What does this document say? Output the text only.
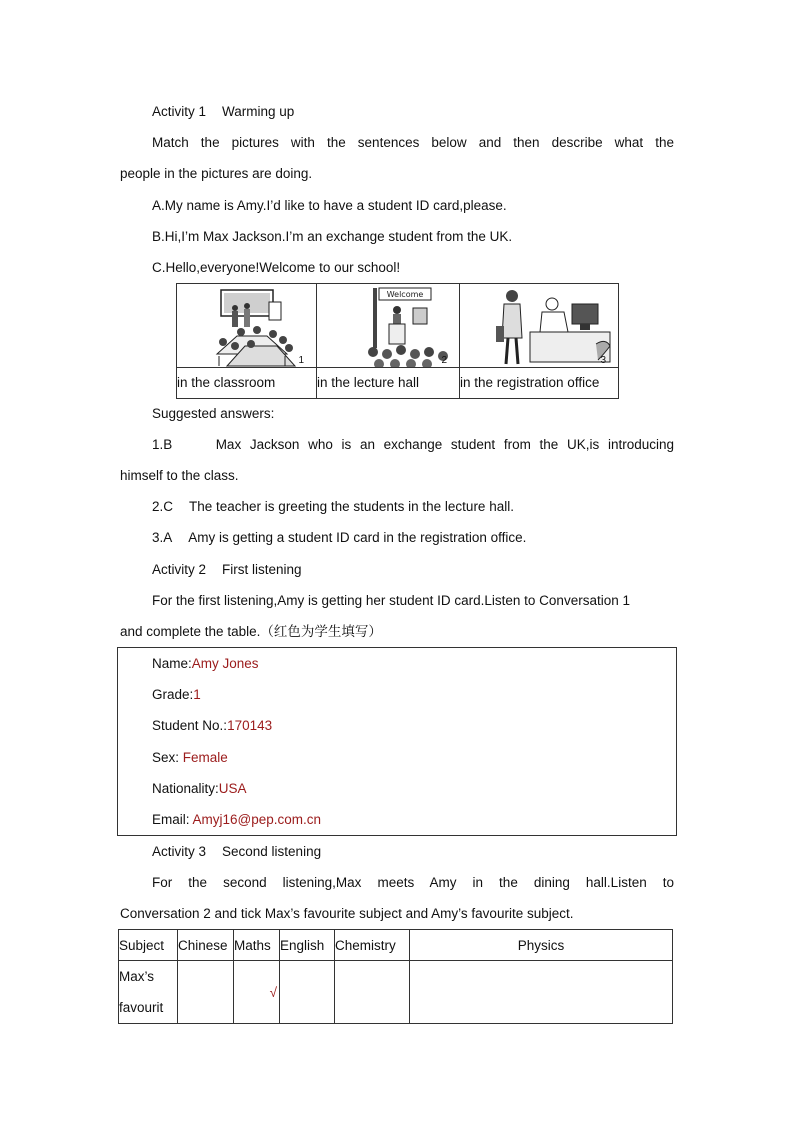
Activity 1 Warming up
Match the pictures with the sentences below and then describe what the
people in the pictures are doing.
A.My name is Amy.I’d like to have a student ID card,please.
B.Hi,I’m Max Jackson.I’m an exchange student from the UK.
C.Hello,everyone!Welcome to our school!
1	Welcome
2	3

in the classroom	in the lecture hall	in the registration office
Suggested answers:
1.B	Max Jackson who is an exchange student from the UK,is introducing
himself to the class.
2.C The teacher is greeting the students in the lecture hall.
3.A Amy is getting a student ID card in the registration office.
Activity 2 First listening
For the first listening,Amy is getting her student ID card.Listen to Conversation 1
and complete the table.（红色为学生填写）
Name:Amy Jones
Grade:1
Student No.:170143
Sex: Female
Nationality:USA
Email: Amyj16@pep.com.cn
Activity 3 Second listening
For the second listening,Max meets Amy in the dining hall.Listen to
Conversation 2 and tick Max’s favourite subject and Amy’s favourite subject.
Subject	Chinese	Maths	English	Chemistry	Physics

Max’s
favourit		√			
